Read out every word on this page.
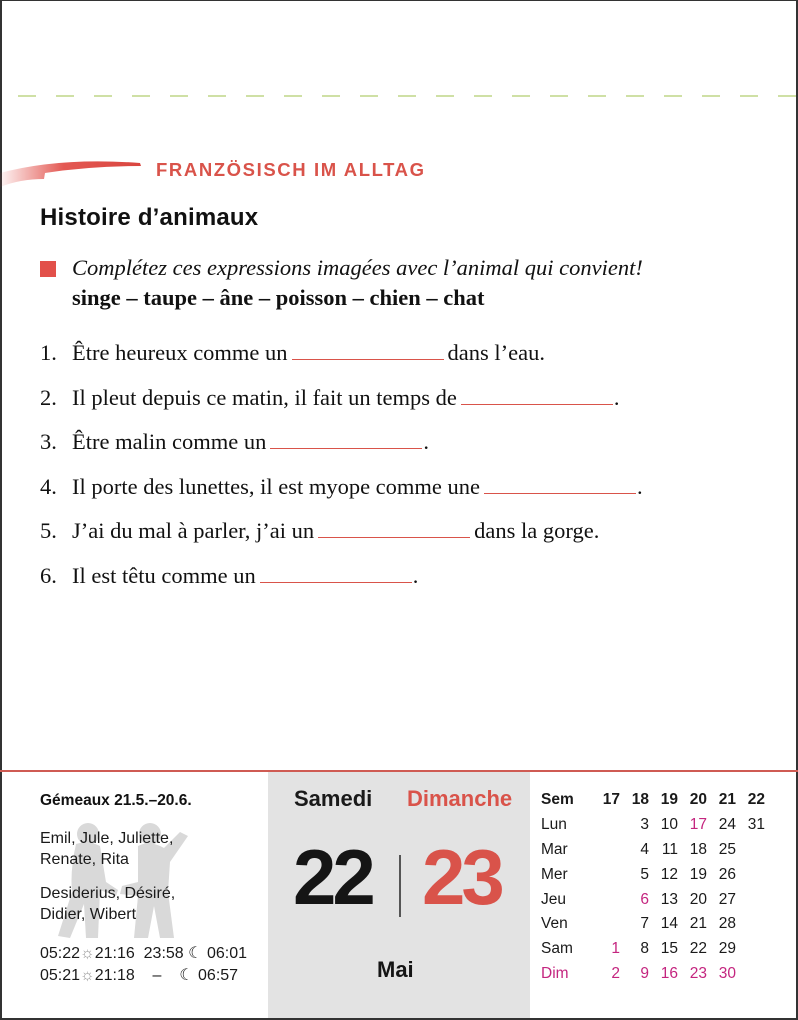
FRANZÖSISCH IM ALLTAG
Histoire d’animaux
Complétez ces expressions imagées avec l’animal qui convient!
singe – taupe – âne – poisson – chien – chat
1. Être heureux comme un	dans l’eau.
2. Il pleut depuis ce matin, il fait un temps de	.
3. Être malin comme un	.
4. Il porte des lunettes, il est myope comme une	.
5. J’ai du mal à parler, j’ai un	dans la gorge.
6. Il est têtu comme un	.
Gémeaux 21.5.–20.6.
Emil, Jule, Juliette,
Renate, Rita
Desiderius, Désiré,
Didier, Wibert
05:22☼21:16 23:58 ☾ 06:01
05:21☼21:18 – ☾ 06:57
Samedi Dimanche
22 23
Mai
Sem	17	18	19	20	21	22
Lun		3	10	17	24	31
Mar		4	11	18	25	
Mer		5	12	19	26	
Jeu		6	13	20	27	
Ven		7	14	21	28	
Sam	1	8	15	22	29	
Dim	2	9	16	23	30	
